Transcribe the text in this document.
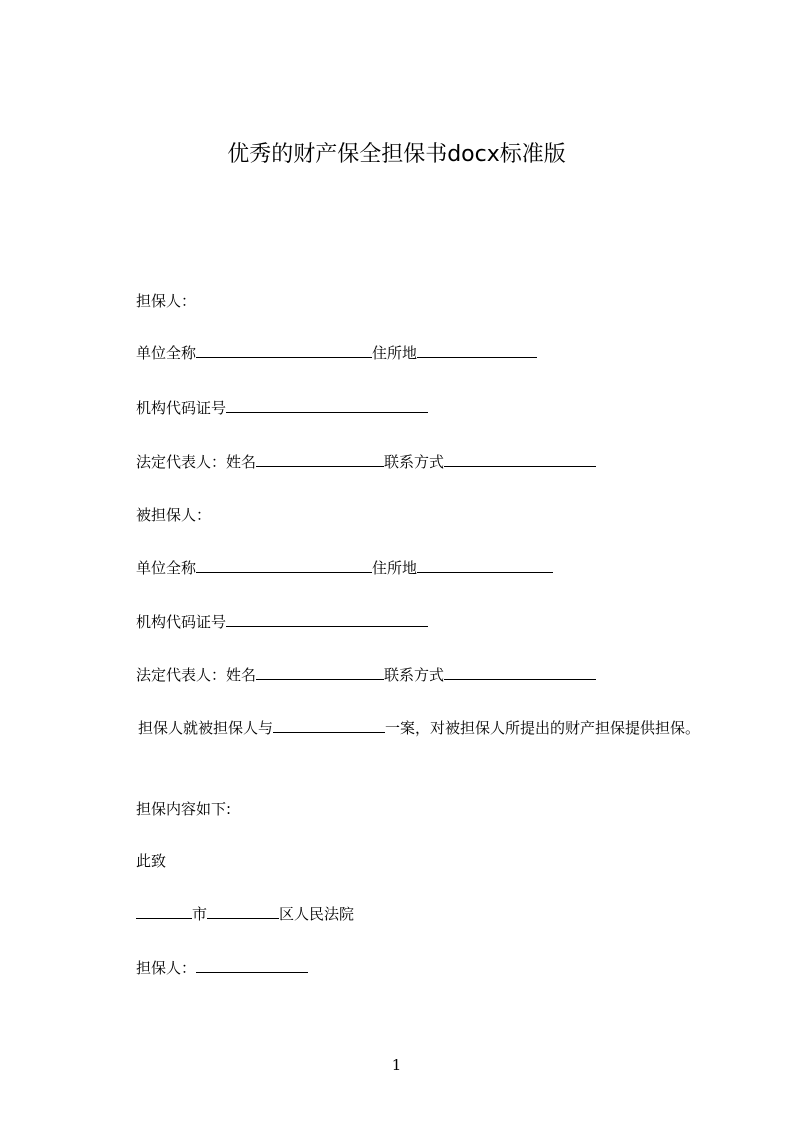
优秀的财产保全担保书docx标准版
担保人：
单位全称	住所地
机构代码证号
法定代表人：姓名	联系方式
被担保人：
单位全称	住所地
机构代码证号
法定代表人：姓名	联系方式

担保人就被担保人与	一案，对被担保人所提出的财产担保提供担保。

担保内容如下:
此致
市	区人民法院
担保人：
1
